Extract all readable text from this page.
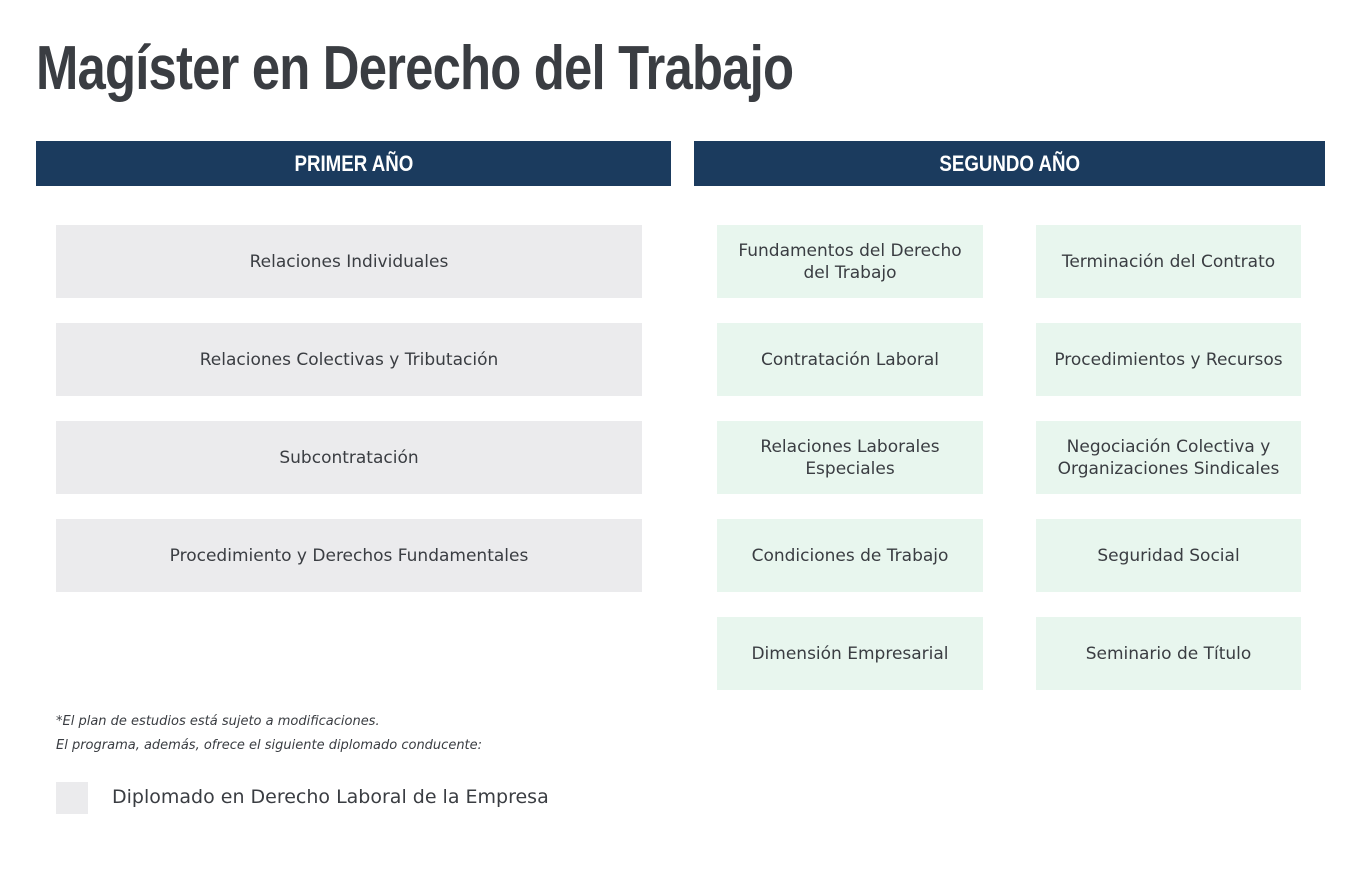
Magíster en Derecho del Trabajo
PRIMER AÑO	SEGUNDO AÑO
Relaciones Individuales
Relaciones Colectivas y Tributación
Subcontratación
Procedimiento y Derechos Fundamentales
Fundamentos del Derecho del Trabajo
Contratación Laboral
Relaciones Laborales Especiales
Condiciones de Trabajo
Dimensión Empresarial
Terminación del Contrato
Procedimientos y Recursos
Negociación Colectiva y Organizaciones Sindicales
Seguridad Social
Seminario de Título
*El plan de estudios está sujeto a modificaciones.
El programa, además, ofrece el siguiente diplomado conducente:
Diplomado en Derecho Laboral de la Empresa
